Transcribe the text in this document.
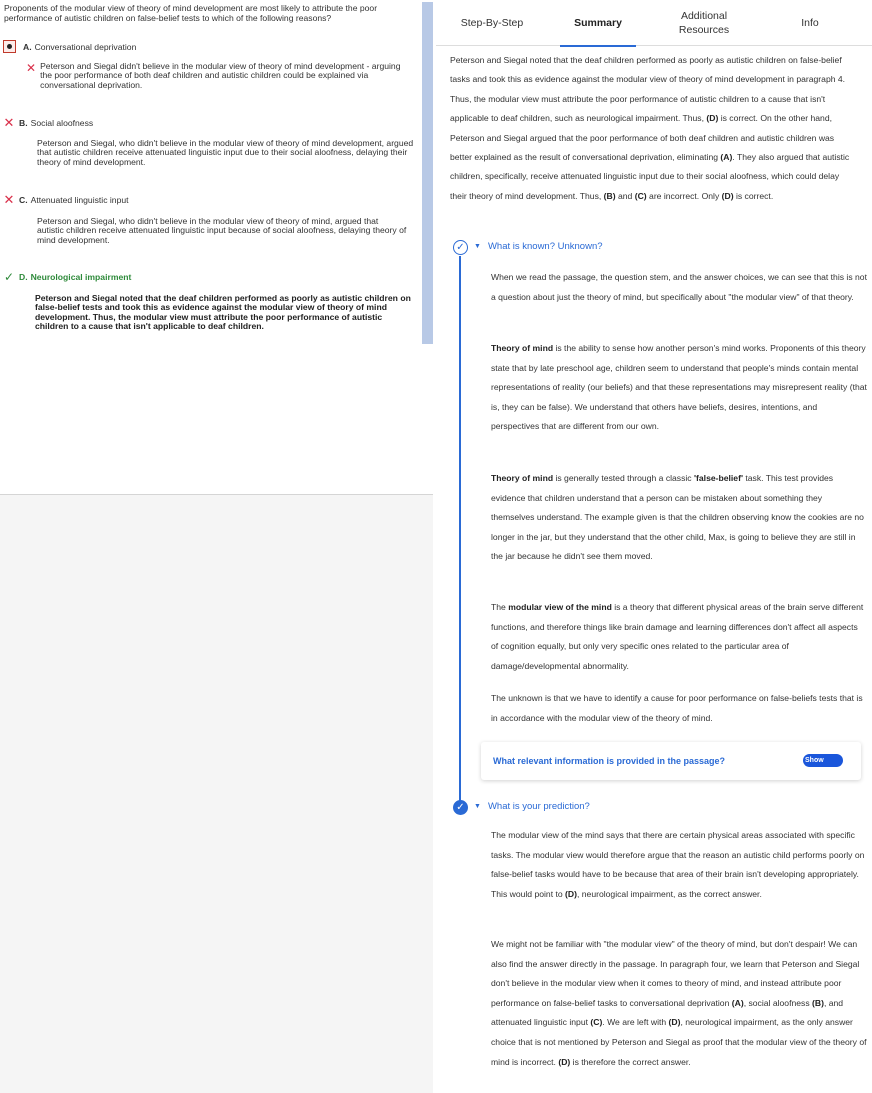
Proponents of the modular view of theory of mind development are most likely to attribute the poor performance of autistic children on false-belief tests to which of the following reasons?
A. Conversational deprivation
✕ Peterson and Siegal didn't believe in the modular view of theory of mind development - arguing the poor performance of both deaf children and autistic children could be explained via conversational deprivation.
✕ B. Social aloofness
Peterson and Siegal, who didn't believe in the modular view of theory of mind development, argued that autistic children receive attenuated linguistic input due to their social aloofness, delaying their theory of mind development.
✕ C. Attenuated linguistic input
Peterson and Siegal, who didn't believe in the modular view of theory of mind, argued that autistic children receive attenuated linguistic input because of social aloofness, delaying theory of mind development.
✓ D. Neurological impairment
Peterson and Siegal noted that the deaf children performed as poorly as autistic children on false-belief tests and took this as evidence against the modular view of theory of mind development. Thus, the modular view must attribute the poor performance of autistic children to a cause that isn't applicable to deaf children.
Step-By-Step	Summary
Additional
Resources
Info
Peterson and Siegal noted that the deaf children performed as poorly as autistic children on false-belief tasks and took this as evidence against the modular view of theory of mind development in paragraph 4. Thus, the modular view must attribute the poor performance of autistic children to a cause that isn't applicable to deaf children, such as neurological impairment. Thus, (D) is correct. On the other hand, Peterson and Siegal argued that the poor performance of both deaf children and autistic children was better explained as the result of conversational deprivation, eliminating (A). They also argued that autistic children, specifically, receive attenuated linguistic input due to their social aloofness, which could delay their theory of mind development. Thus, (B) and (C) are incorrect. Only (D) is correct.
✓	▼ What is known? Unknown?
When we read the passage, the question stem, and the answer choices, we can see that this is not a question about just the theory of mind, but specifically about "the modular view" of that theory.
Theory of mind is the ability to sense how another person's mind works. Proponents of this theory state that by late preschool age, children seem to understand that people's minds contain mental representations of reality (our beliefs) and that these representations may misrepresent reality (that is, they can be false). We understand that others have beliefs, desires, intentions, and perspectives that are different from our own.
Theory of mind is generally tested through a classic 'false-belief' task. This test provides evidence that children understand that a person can be mistaken about something they themselves understand. The example given is that the children observing know the cookies are no longer in the jar, but they understand that the other child, Max, is going to believe they are still in the jar because he didn't see them moved.
The modular view of the mind is a theory that different physical areas of the brain serve different functions, and therefore things like brain damage and learning differences don't affect all aspects of cognition equally, but only very specific ones related to the particular area of damage/developmental abnormality.
The unknown is that we have to identify a cause for poor performance on false-beliefs tests that is in accordance with the modular view of the theory of mind.
What relevant information is provided in the passage?	Show
✓	▼ What is your prediction?
The modular view of the mind says that there are certain physical areas associated with specific tasks. The modular view would therefore argue that the reason an autistic child performs poorly on false-belief tasks would have to be because that area of their brain isn't developing appropriately. This would point to (D), neurological impairment, as the correct answer.
We might not be familiar with "the modular view" of the theory of mind, but don't despair! We can also find the answer directly in the passage. In paragraph four, we learn that Peterson and Siegal don't believe in the modular view when it comes to theory of mind, and instead attribute poor performance on false-belief tasks to conversational deprivation (A), social aloofness (B), and attenuated linguistic input (C). We are left with (D), neurological impairment, as the only answer choice that is not mentioned by Peterson and Siegal as proof that the modular view of the theory of mind is incorrect. (D) is therefore the correct answer.
